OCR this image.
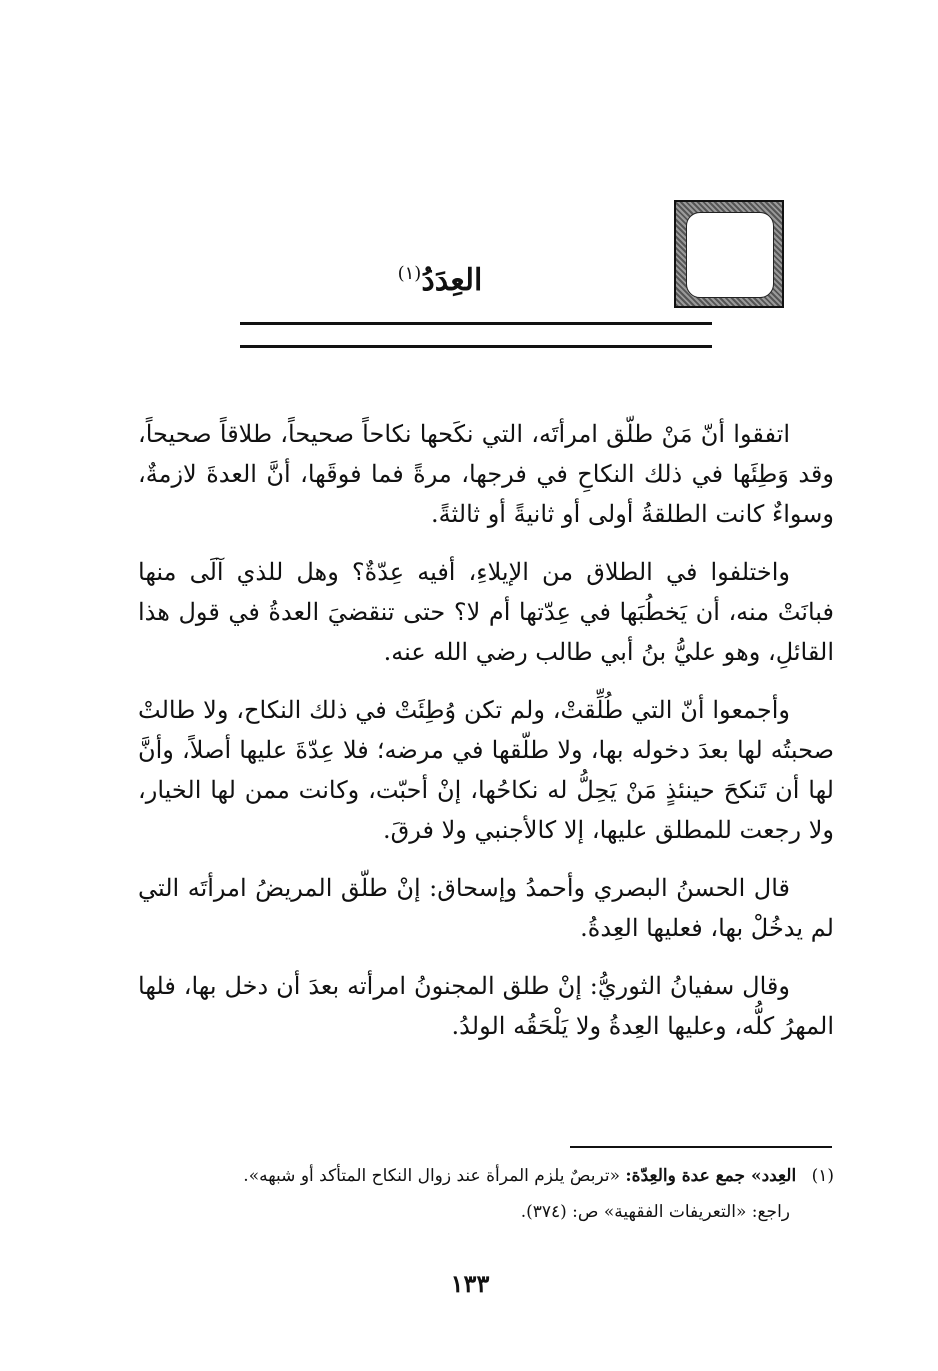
العِدَدُ$^{(١)}$

اتفقوا أنّ مَنْ طلّق امرأتَه، التي نكَحها نكاحاً صحيحاً، طلاقاً صحيحاً، وقد وَطِئَها في ذلك النكاحِ في فرجها، مرةً فما فوقَها، أنَّ العدةَ لازمةٌ، وسواءٌ كانت الطلقةُ أولى أو ثانيةً أو ثالثةً.

واختلفوا في الطلاق من الإيلاءِ، أفيه عِدّةٌ؟ وهل للذي آلَى منها فبانَتْ منه، أن يَخطُبَها في عِدّتها أم لا؟ حتى تنقضيَ العدةُ في قول هذا القائلِ، وهو عليُّ بنُ أبي طالب رضي الله عنه.

وأجمعوا أنّ التي طُلِّقتْ، ولم تكن وُطِئَتْ في ذلك النكاح، ولا طالتْ صحبتُه لها بعدَ دخوله بها، ولا طلّقها في مرضه؛ فلا عِدّةَ عليها أصلاً، وأنَّ لها أن تَنكحَ حينئذٍ مَنْ يَحِلُّ له نكاحُها، إنْ أحبّت، وكانت ممن لها الخيار، ولا رجعت للمطلق عليها، إلا كالأجنبي ولا فرقَ.

قال الحسنُ البصري وأحمدُ وإسحاق: إنْ طلّق المريضُ امرأتَه التي لم يدخُلْ بها، فعليها العِدةُ.

وقال سفيانُ الثوريُّ: إنْ طلق المجنونُ امرأته بعدَ أن دخل بها، فلها المهرُ كلُّه، وعليها العِدةُ ولا يَلْحَقُه الولدُ.

(١) العِدد» جمع عدة والعِدّة: «تربصٌ يلزم المرأة عند زوال النكاح المتأكد أو شبهه».
راجع: «التعريفات الفقهية» ص: (٣٧٤).
١٣٣
